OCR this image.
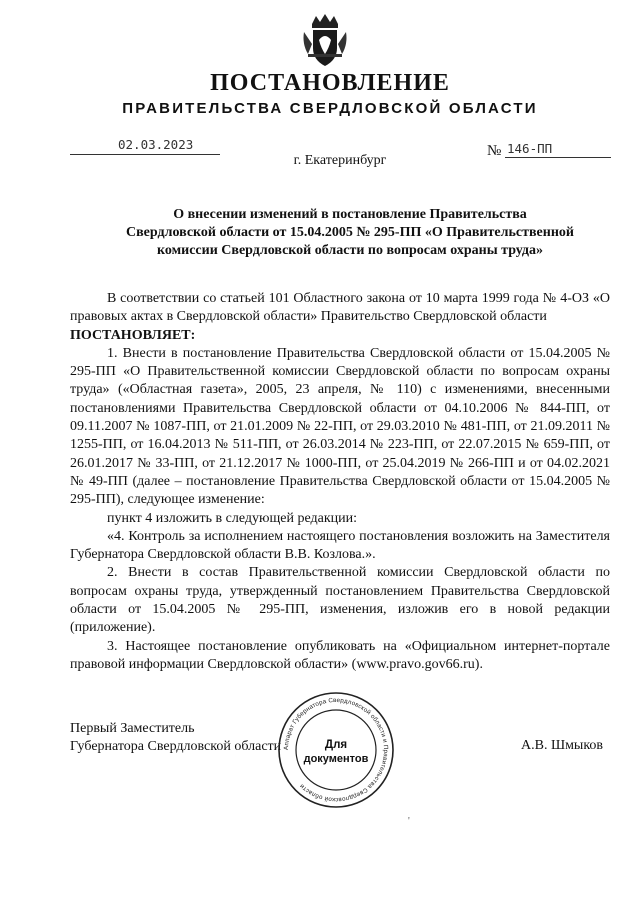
ПОСТАНОВЛЕНИЕ
ПРАВИТЕЛЬСТВА СВЕРДЛОВСКОЙ ОБЛАСТИ
02.03.2023	№ 146-ПП
г. Екатеринбург
О внесении изменений в постановление Правительства
Свердловской области от 15.04.2005 № 295-ПП «О Правительственной
комиссии Свердловской области по вопросам охраны труда»

В соответствии со статьей 101 Областного закона от 10 марта 1999 года № 4-ОЗ «О правовых актах в Свердловской области» Правительство Свердловской области

ПОСТАНОВЛЯЕТ:

1. Внести в постановление Правительства Свердловской области от 15.04.2005 № 295-ПП «О Правительственной комиссии Свердловской области по вопросам охраны труда» («Областная газета», 2005, 23 апреля, № 110) с изменениями, внесенными постановлениями Правительства Свердловской области от 04.10.2006 № 844-ПП, от 09.11.2007 № 1087-ПП, от 21.01.2009 № 22-ПП, от 29.03.2010 № 481-ПП, от 21.09.2011 № 1255-ПП, от 16.04.2013 № 511-ПП, от 26.03.2014 № 223-ПП, от 22.07.2015 № 659-ПП, от 26.01.2017 № 33-ПП, от 21.12.2017 № 1000-ПП, от 25.04.2019 № 266-ПП и от 04.02.2021 № 49-ПП (далее – постановление Правительства Свердловской области от 15.04.2005 № 295-ПП), следующее изменение:

пункт 4 изложить в следующей редакции:

«4. Контроль за исполнением настоящего постановления возложить на Заместителя Губернатора Свердловской области В.В. Козлова.».

2. Внести в состав Правительственной комиссии Свердловской области по вопросам охраны труда, утвержденный постановлением Правительства Свердловской области от 15.04.2005 № 295-ПП, изменения, изложив его в новой редакции (приложение).

3. Настоящее постановление опубликовать на «Официальном интернет-портале правовой информации Свердловской области» (www.pravo.gov66.ru).

Первый Заместитель
Губернатора Свердловской области	А.В. Шмыков
Аппарат Губернатора Свердловской области и Правительства Свердловской области
Для
документов
'
